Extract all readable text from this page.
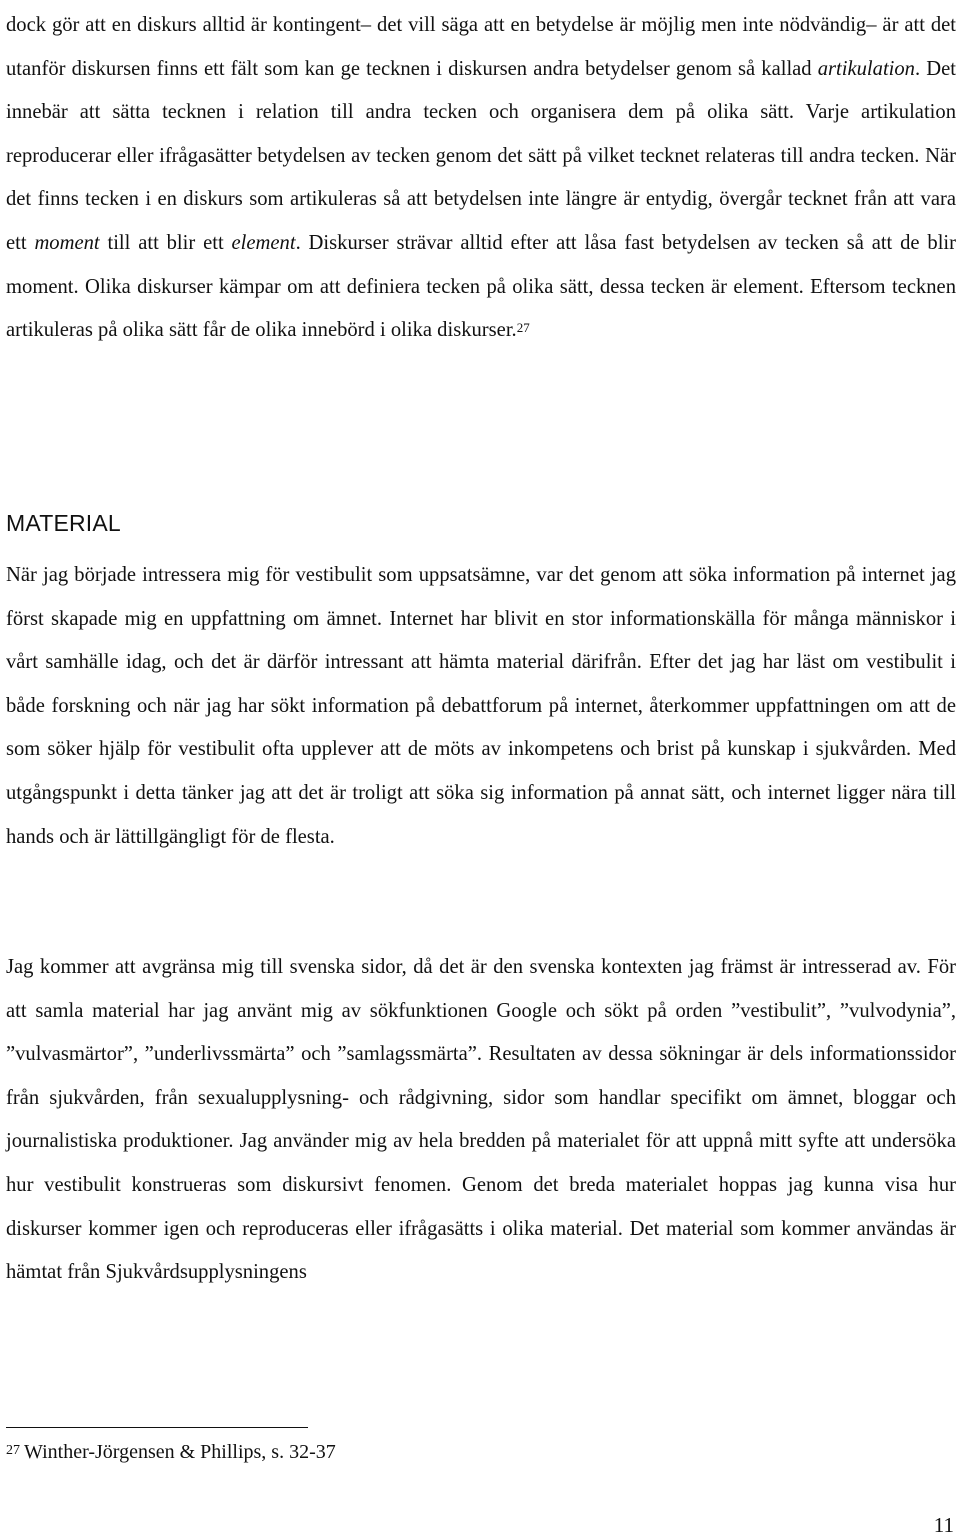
dock gör att en diskurs alltid är kontingent– det vill säga att en betydelse är möjlig men inte nödvändig– är att det utanför diskursen finns ett fält som kan ge tecknen i diskursen andra betydelser genom så kallad artikulation. Det innebär att sätta tecknen i relation till andra tecken och organisera dem på olika sätt. Varje artikulation reproducerar eller ifrågasätter betydelsen av tecken genom det sätt på vilket tecknet relateras till andra tecken. När det finns tecken i en diskurs som artikuleras så att betydelsen inte längre är entydig, övergår tecknet från att vara ett moment till att blir ett element. Diskurser strävar alltid efter att låsa fast betydelsen av tecken så att de blir moment. Olika diskurser kämpar om att definiera tecken på olika sätt, dessa tecken är element. Eftersom tecknen artikuleras på olika sätt får de olika innebörd i olika diskurser.$^{27}$

MATERIAL

När jag började intressera mig för vestibulit som uppsatsämne, var det genom att söka information på internet jag först skapade mig en uppfattning om ämnet. Internet har blivit en stor informationskälla för många människor i vårt samhälle idag, och det är därför intressant att hämta material därifrån. Efter det jag har läst om vestibulit i både forskning och när jag har sökt information på debattforum på internet, återkommer uppfattningen om att de som söker hjälp för vestibulit ofta upplever att de möts av inkompetens och brist på kunskap i sjukvården. Med utgångspunkt i detta tänker jag att det är troligt att söka sig information på annat sätt, och internet ligger nära till hands och är lättillgängligt för de flesta.

Jag kommer att avgränsa mig till svenska sidor, då det är den svenska kontexten jag främst är intresserad av. För att samla material har jag använt mig av sökfunktionen Google och sökt på orden ”vestibulit”, ”vulvodynia”, ”vulvasmärtor”, ”underlivssmärta” och ”samlagssmärta”. Resultaten av dessa sökningar är dels informationssidor från sjukvården, från sexualupplysning- och rådgivning, sidor som handlar specifikt om ämnet, bloggar och journalistiska produktioner. Jag använder mig av hela bredden på materialet för att uppnå mitt syfte att undersöka hur vestibulit konstrueras som diskursivt fenomen. Genom det breda materialet hoppas jag kunna visa hur diskurser kommer igen och reproduceras eller ifrågasätts i olika material. Det material som kommer användas är hämtat från Sjukvårdsupplysningens

$^{27}$ Winther-Jörgensen & Phillips, s. 32-37
11
